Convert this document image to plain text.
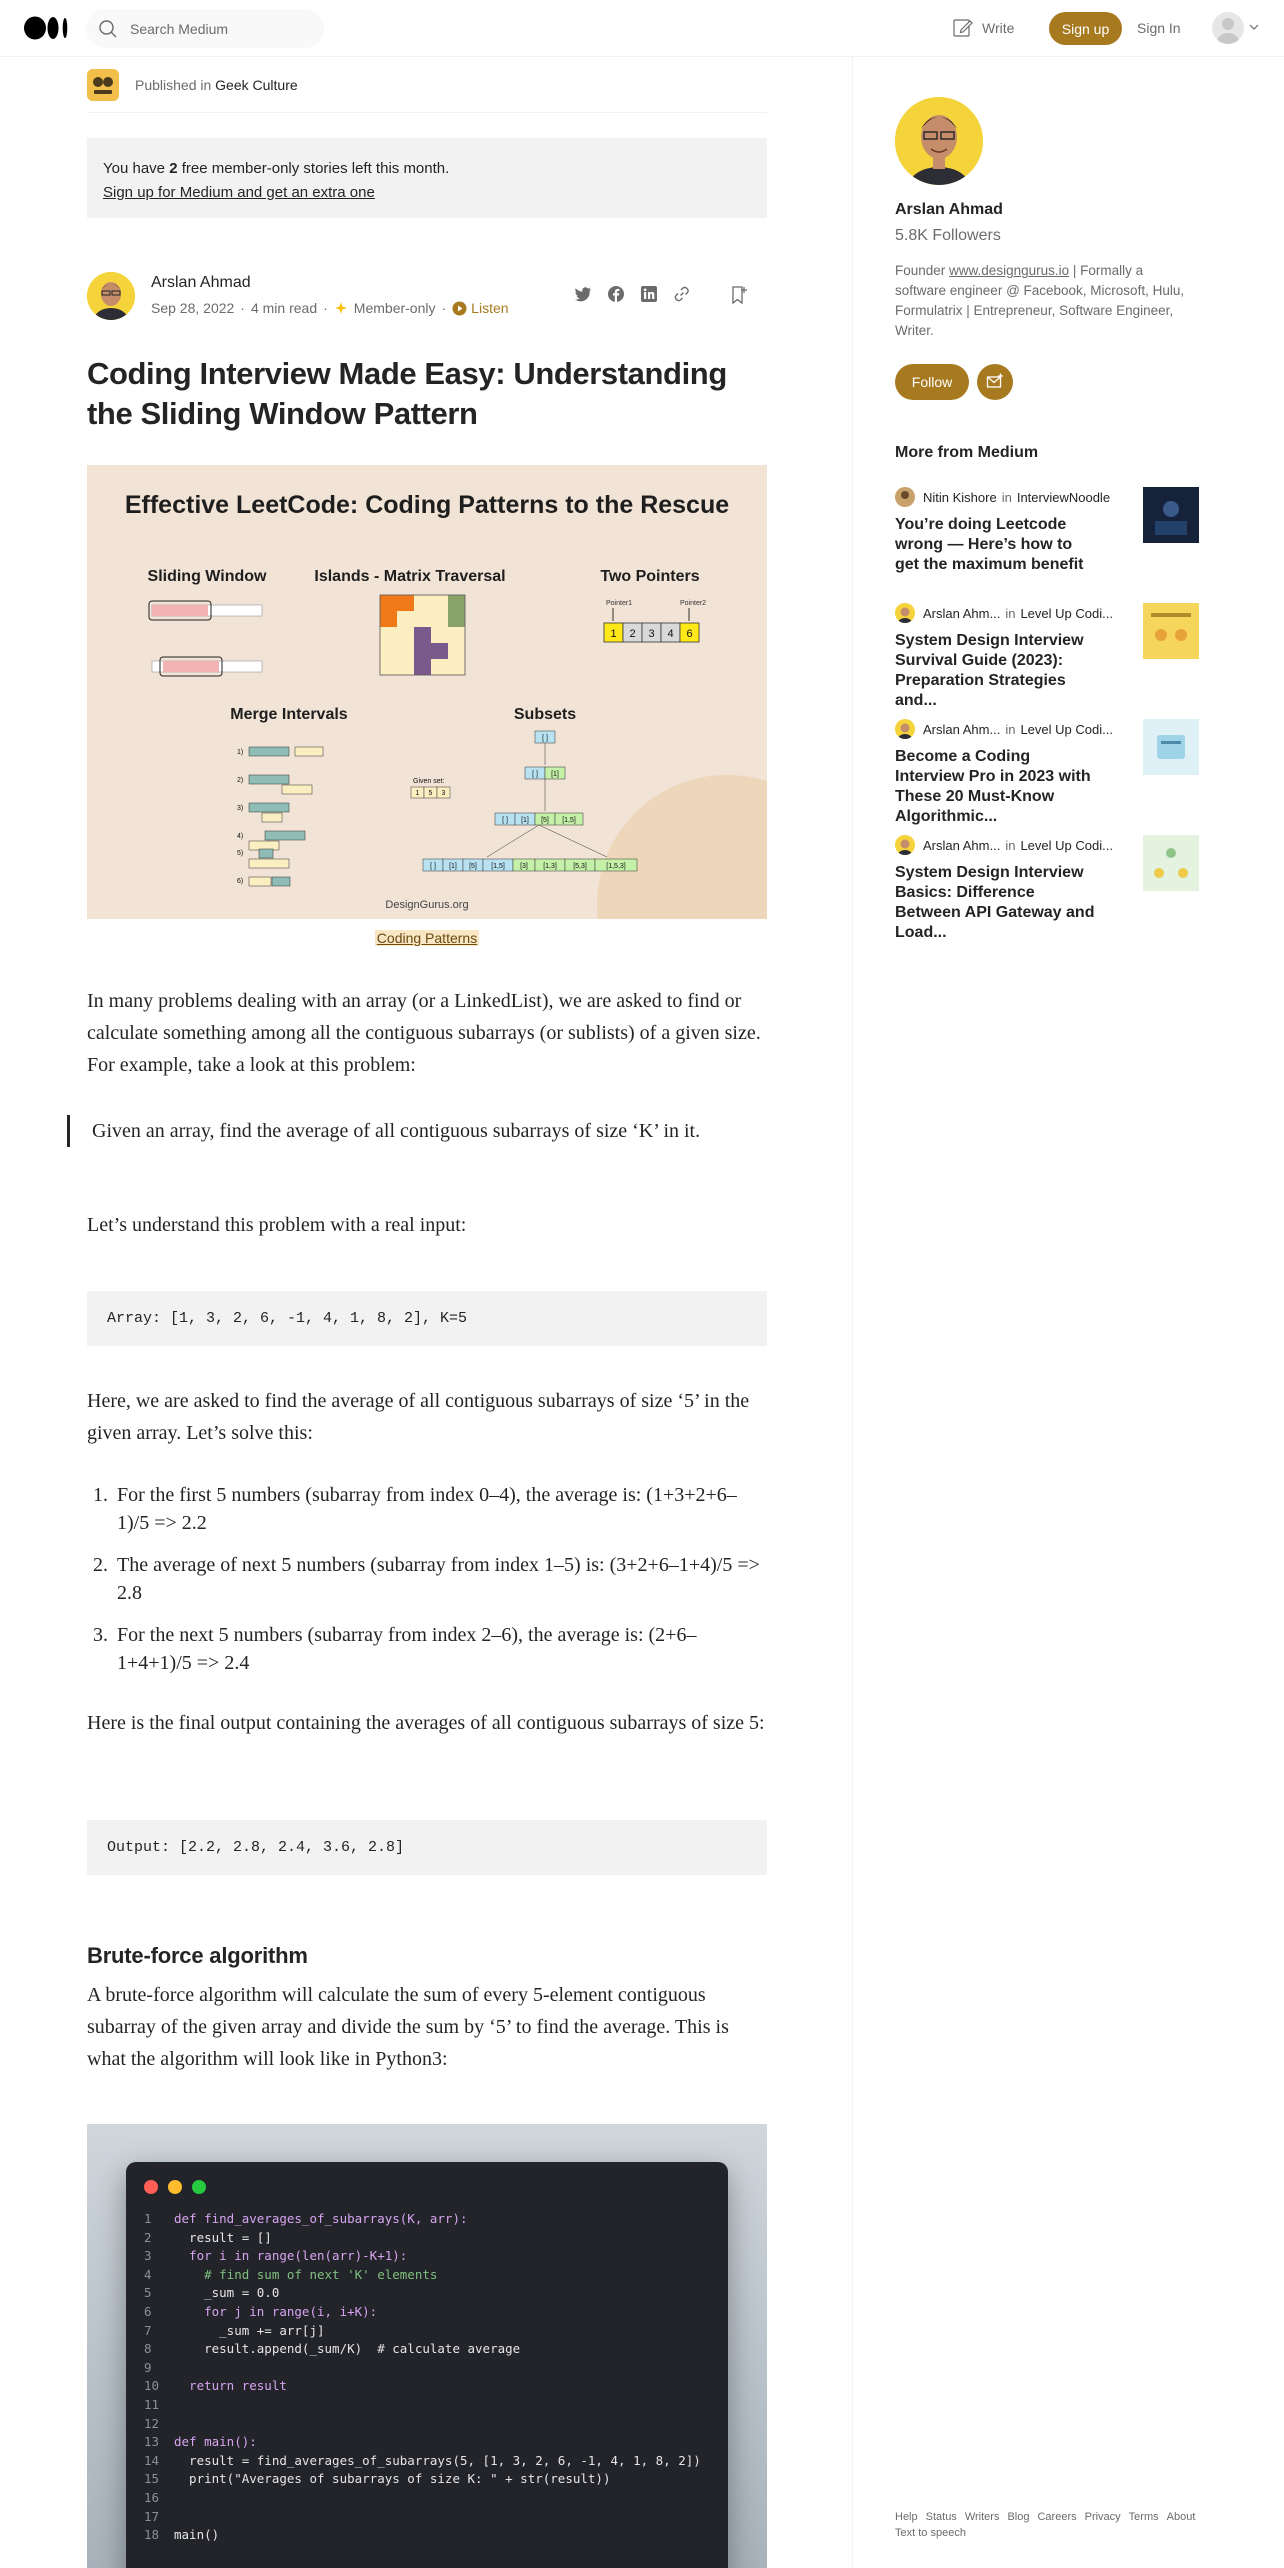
Search Medium
Write	Sign up	Sign In
Published in Geek Culture
You have 2 free member-only stories left this month.
Sign up for Medium and get an extra one
Arslan Ahmad
Sep 28, 2022 · 4 min read · Member-only · Listen
Coding Interview Made Easy: Understanding the Sliding Window Pattern
Effective LeetCode: Coding Patterns to the Rescue
Sliding Window	Islands - Matrix Traversal	Two Pointers
Merge Intervals	Subsets
Pointer1	Pointer2
1 2 3 4 6
1)
2)
3)
4)
5)
6)
Given set:
1 5 3
[ ]
[ ] [1]
[ ] [1] [5] [1,5]
[ ] [1] [5] [1,5] [3] [1,3] [5,3]	[1,5,3]
DesignGurus.org
Coding Patterns

In many problems dealing with an array (or a LinkedList), we are asked to find or calculate something among all the contiguous subarrays (or sublists) of a given size. For example, take a look at this problem:

Given an array, find the average of all contiguous subarrays of size ‘K’ in it.

Let’s understand this problem with a real input:

Array: [1, 3, 2, 6, -1, 4, 1, 8, 2], K=5

Here, we are asked to find the average of all contiguous subarrays of size ‘5’ in the given array. Let’s solve this:

1. For the first 5 numbers (subarray from index 0–4), the average is: (1+3+2+6–1)/5 => 2.2
2. The average of next 5 numbers (subarray from index 1–5) is: (3+2+6–1+4)/5 => 2.8
3. For the next 5 numbers (subarray from index 2–6), the average is: (2+6–1+4+1)/5 => 2.4

Here is the final output containing the averages of all contiguous subarrays of size 5:

Output: [2.2, 2.8, 2.4, 3.6, 2.8]
Brute-force algorithm

A brute-force algorithm will calculate the sum of every 5-element contiguous subarray of the given array and divide the sum by ‘5’ to find the average. This is what the algorithm will look like in Python3:

1 def find_averages_of_subarrays(K, arr):
2  result = []
3  for i in range(len(arr)-K+1):
4    # find sum of next 'K' elements
5    _sum = 0.0
6    for j in range(i, i+K):
7      _sum += arr[j]
8    result.append(_sum/K)  # calculate average
9
10  return result
11
12
13 def main():
14  result = find_averages_of_subarrays(5, [1, 3, 2, 6, -1, 4, 1, 8, 2])
15  print("Averages of subarrays of size K: " + str(result))
16
17
18 main()
Arslan Ahmad
5.8K Followers
Founder www.designgurus.io | Formally a software engineer @ Facebook, Microsoft, Hulu, Formulatrix | Entrepreneur, Software Engineer, Writer.
Follow
More from Medium
Nitin Kishore in InterviewNoodle
You’re doing Leetcode wrong — Here’s how to get the maximum benefit
Arslan Ahm... in Level Up Codi...
System Design Interview Survival Guide (2023): Preparation Strategies and...
Arslan Ahm... in Level Up Codi...
Become a Coding Interview Pro in 2023 with These 20 Must-Know Algorithmic...
Arslan Ahm... in Level Up Codi...
System Design Interview Basics: Difference Between API Gateway and Load...
Help Status Writers Blog Careers Privacy Terms About
Text to speech
